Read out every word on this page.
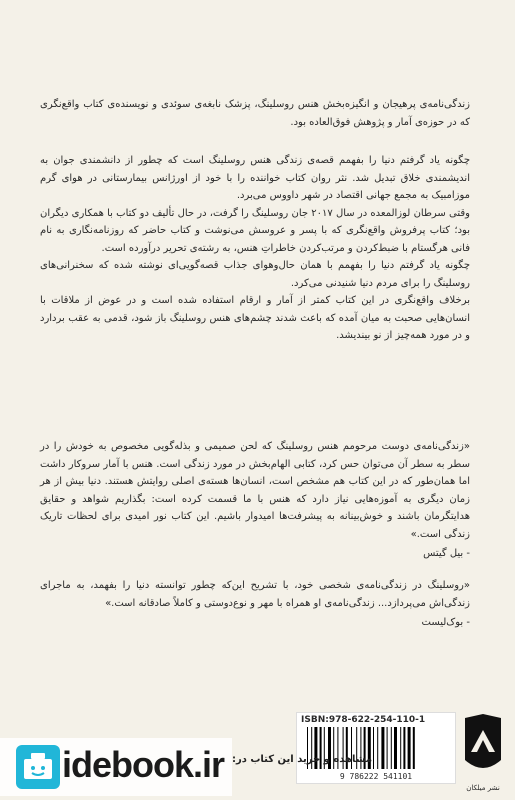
زندگی‌نامه‌ی پرهیجان و انگیزه‌بخش هنس روسلینگ، پزشک نابغه‌ی سوئدی و نویسنده‌ی کتاب واقع‌نگری که در حوزه‌ی آمار و پژوهش فوق‌العاده بود.

چگونه یاد گرفتم دنیا را بفهمم قصه‌ی زندگی هنس روسلینگ است که چطور از دانشمندی جوان به اندیشمندی خلاق تبدیل شد. نثر روان کتاب خواننده را با خود از اورژانس بیمارستانی در هوای گرم موزامبیک به مجمع جهانی اقتصاد در شهر داووس می‌برد.

وقتی سرطان لوزالمعده در سال ۲۰۱۷ جان روسلینگ را گرفت، در حال تألیف دو کتاب با همکاری دیگران بود؛ کتاب پرفروش واقع‌نگری که با پسر و عروسش می‌نوشت و کتاب حاضر که روزنامه‌نگاری به نام فانی هرگستام با ضبط‌کردن و مرتب‌کردن خاطراتِ هنس، به رشته‌ی تحریر درآورده است.

چگونه یاد گرفتم دنیا را بفهمم با همان حال‌وهوای جذاب قصه‌گویی‌ای نوشته شده که سخنرانی‌های روسلینگ را برای مردم دنیا شنیدنی می‌کرد.

برخلاف واقع‌نگری در این کتاب کمتر از آمار و ارقام استفاده شده است و در عوض از ملاقات با انسان‌هایی صحبت به میان آمده که باعث شدند چشم‌های هنس روسلینگ باز شود، قدمی به عقب بردارد و در مورد همه‌چیز از نو بیندیشد.

«زندگی‌نامه‌ی دوست مرحومم هنس روسلینگ که لحن صمیمی و بذله‌گویی مخصوص به خودش را در سطر به سطر آن می‌توان حس کرد، کتابی الهام‌بخش در مورد زندگی است. هنس با آمار سروکار داشت اما همان‌طور که در این کتاب هم مشخص است، انسان‌ها هسته‌ی اصلی روایتش هستند. دنیا بیش از هر زمان دیگری به آموزه‌هایی نیاز دارد که هنس با ما قسمت کرده است: بگذاریم شواهد و حقایق هدایتگرمان باشند و خوش‌بینانه به پیشرفت‌ها امیدوار باشیم. این کتاب نور امیدی برای لحظات تاریک زندگی است.»

- بیل گیتس

«روسلینگ در زندگی‌نامه‌ی شخصی خود، با تشریح این‌که چطور توانسته دنیا را بفهمد، به ماجرای زندگی‌اش می‌پردازد... زندگی‌نامه‌ی او همراه با مهر و نوع‌دوستی و کاملاً صادقانه است.»

- بوک‌لیست

ISBN:978-622-254-110-1
9 786222 541101
مشاهده و خرید این کتاب در:
idebook.ir
نشر میلکان
